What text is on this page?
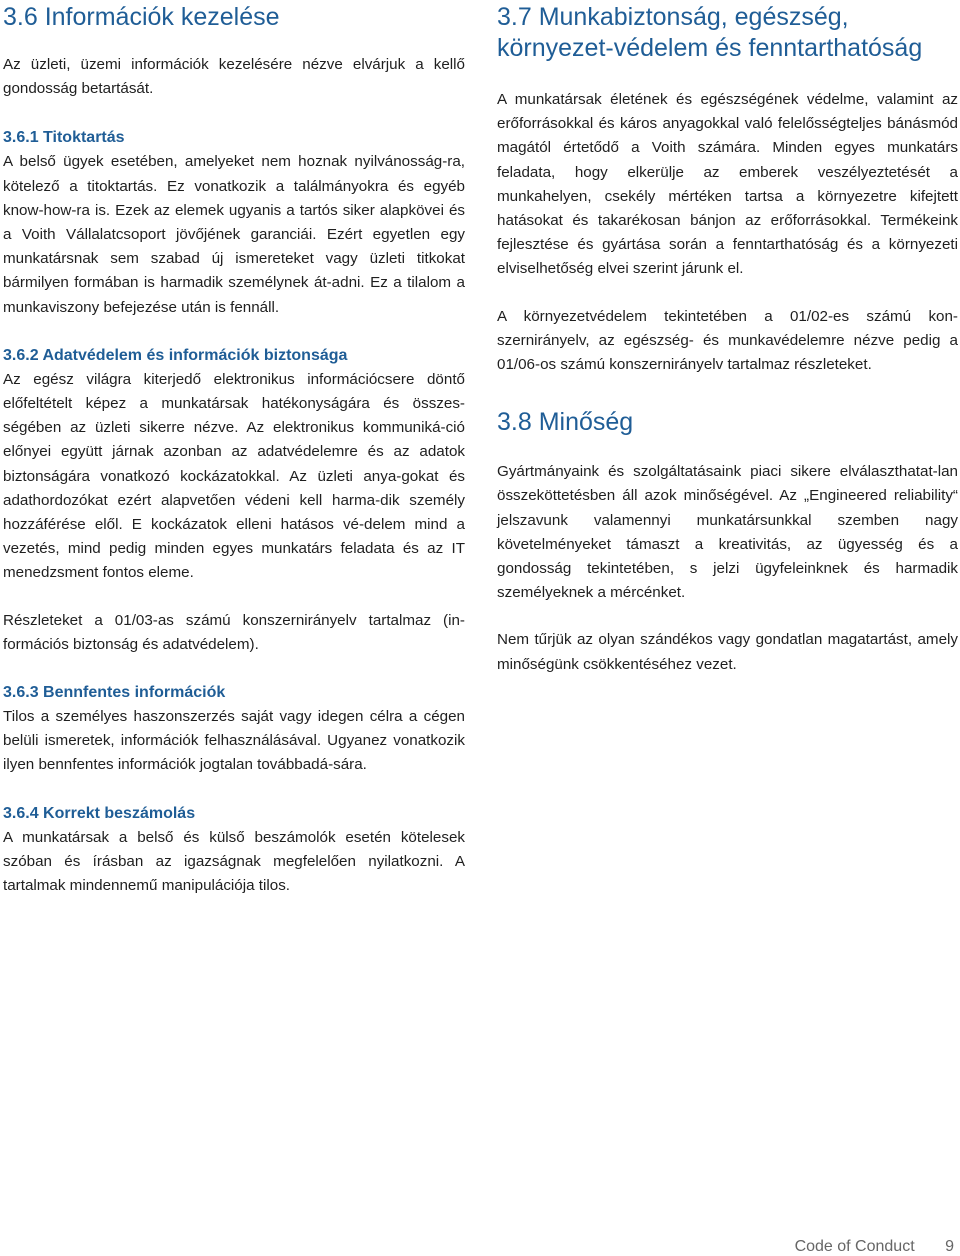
3.6 Információk kezelése

Az üzleti, üzemi információk kezelésére nézve elvárjuk a kellő gondosság betartását.

3.6.1 Titoktartás

A belső ügyek esetében, amelyeket nem hoznak nyilvánosság-ra, kötelező a titoktartás. Ez vonatkozik a találmányokra és egyéb know-how-ra is. Ezek az elemek ugyanis a tartós siker alapkövei és a Voith Vállalatcsoport jövőjének garanciái. Ezért egyetlen egy munkatársnak sem szabad új ismereteket vagy üzleti titkokat bármilyen formában is harmadik személynek át-adni. Ez a tilalom a munkaviszony befejezése után is fennáll.

3.6.2 Adatvédelem és információk biztonsága

Az egész világra kiterjedő elektronikus információcsere döntő előfeltételt képez a munkatársak hatékonyságára és összes-ségében az üzleti sikerre nézve. Az elektronikus kommuniká-ció előnyei együtt járnak azonban az adatvédelemre és az adatok biztonságára vonatkozó kockázatokkal. Az üzleti anya-gokat és adathordozókat ezért alapvetően védeni kell harma-dik személy hozzáférése elől. E kockázatok elleni hatásos vé-delem mind a vezetés, mind pedig minden egyes munkatárs feladata és az IT menedzsment fontos eleme.

Részleteket a 01/03-as számú konszernirányelv tartalmaz (in-formációs biztonság és adatvédelem).

3.6.3 Bennfentes információk

Tilos a személyes haszonszerzés saját vagy idegen célra a cégen belüli ismeretek, információk felhasználásával. Ugyanez vonatkozik ilyen bennfentes információk jogtalan továbbadá-sára.

3.6.4 Korrekt beszámolás

A munkatársak a belső és külső beszámolók esetén kötelesek szóban és írásban az igazságnak megfelelően nyilatkozni. A tartalmak mindennemű manipulációja tilos.

3.7 Munkabiztonság, egészség, környezet-védelem és fenntarthatóság

A munkatársak életének és egészségének védelme, valamint az erőforrásokkal és káros anyagokkal való felelősségteljes bánásmód magától értetődő a Voith számára. Minden egyes munkatárs feladata, hogy elkerülje az emberek veszélyeztetését a munkahelyen, csekély mértéken tartsa a környezetre kifejtett hatásokat és takarékosan bánjon az erőforrásokkal. Termékeink fejlesztése és gyártása során a fenntarthatóság és a környezeti elviselhetőség elvei szerint járunk el.

A környezetvédelem tekintetében a 01/02-es számú kon-szernirányelv, az egészség- és munkavédelemre nézve pedig a 01/06-os számú konszernirányelv tartalmaz részleteket.

3.8 Minőség

Gyártmányaink és szolgáltatásaink piaci sikere elválaszthatat-lan összeköttetésben áll azok minőségével. Az „Engineered reliability“ jelszavunk valamennyi munkatársunkkal szemben nagy követelményeket támaszt a kreativitás, az ügyesség és a gondosság tekintetében, s jelzi ügyfeleinknek és harmadik személyeknek a mércénket.

Nem tűrjük az olyan szándékos vagy gondatlan magatartást, amely minőségünk csökkentéséhez vezet.

Code of Conduct 9
